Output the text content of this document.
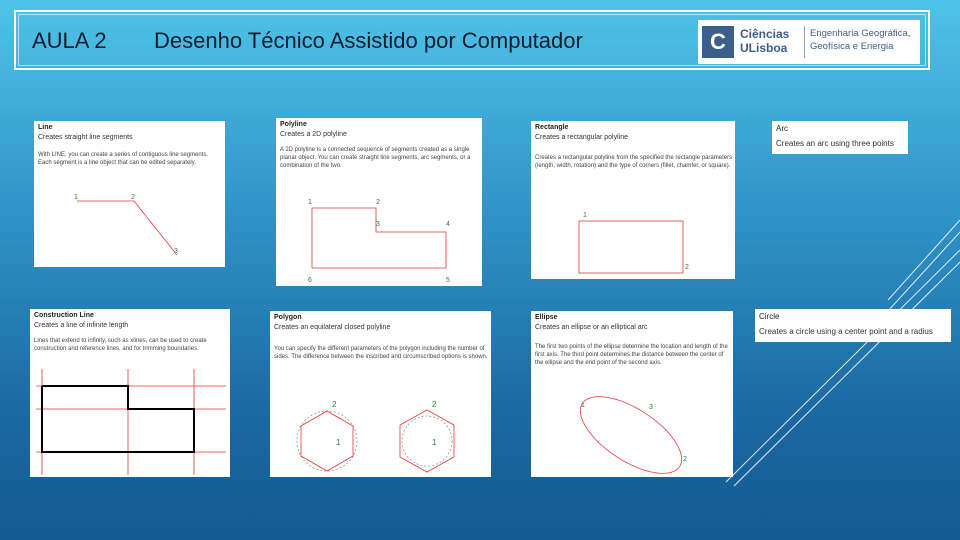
AULA 2 Desenho Técnico Assistido por Computador	C	Ciências
ULisboa
Engenharia Geográfica,
Geofísica e Energia
Line
Creates straight line segments
With LINE, you can create a series of contiguous line segments. Each segment is a line object that can be edited separately.
1	2
3
Polyline
Creates a 2D polyline
A 2D polyline is a connected sequence of segments created as a single planar object. You can create straight line segments, arc segments, or a combination of the two.
1	2
3	4
5
6
Rectangle
Creates a rectangular polyline
Creates a rectangular polyline from the specified the rectangle parameters (length, width, rotation) and the type of corners (fillet, chamfer, or square).
1
2
Arc
Creates an arc using three points
Construction Line
Creates a line of infinite length
Lines that extend to infinity, such as xlines, can be used to create construction and reference lines, and for trimming boundaries.
Polygon
Creates an equilateral closed polyline
You can specify the different parameters of the polygon including the number of sides. The difference between the inscribed and circumscribed options is shown.
2
1
2
1
Ellipse
Creates an ellipse or an elliptical arc
The first two points of the ellipse determine the location and length of the first axis. The third point determines the distance between the center of the ellipse and the end point of the second axis.
1	3
2
Circle
Creates a circle using a center point and a radius
